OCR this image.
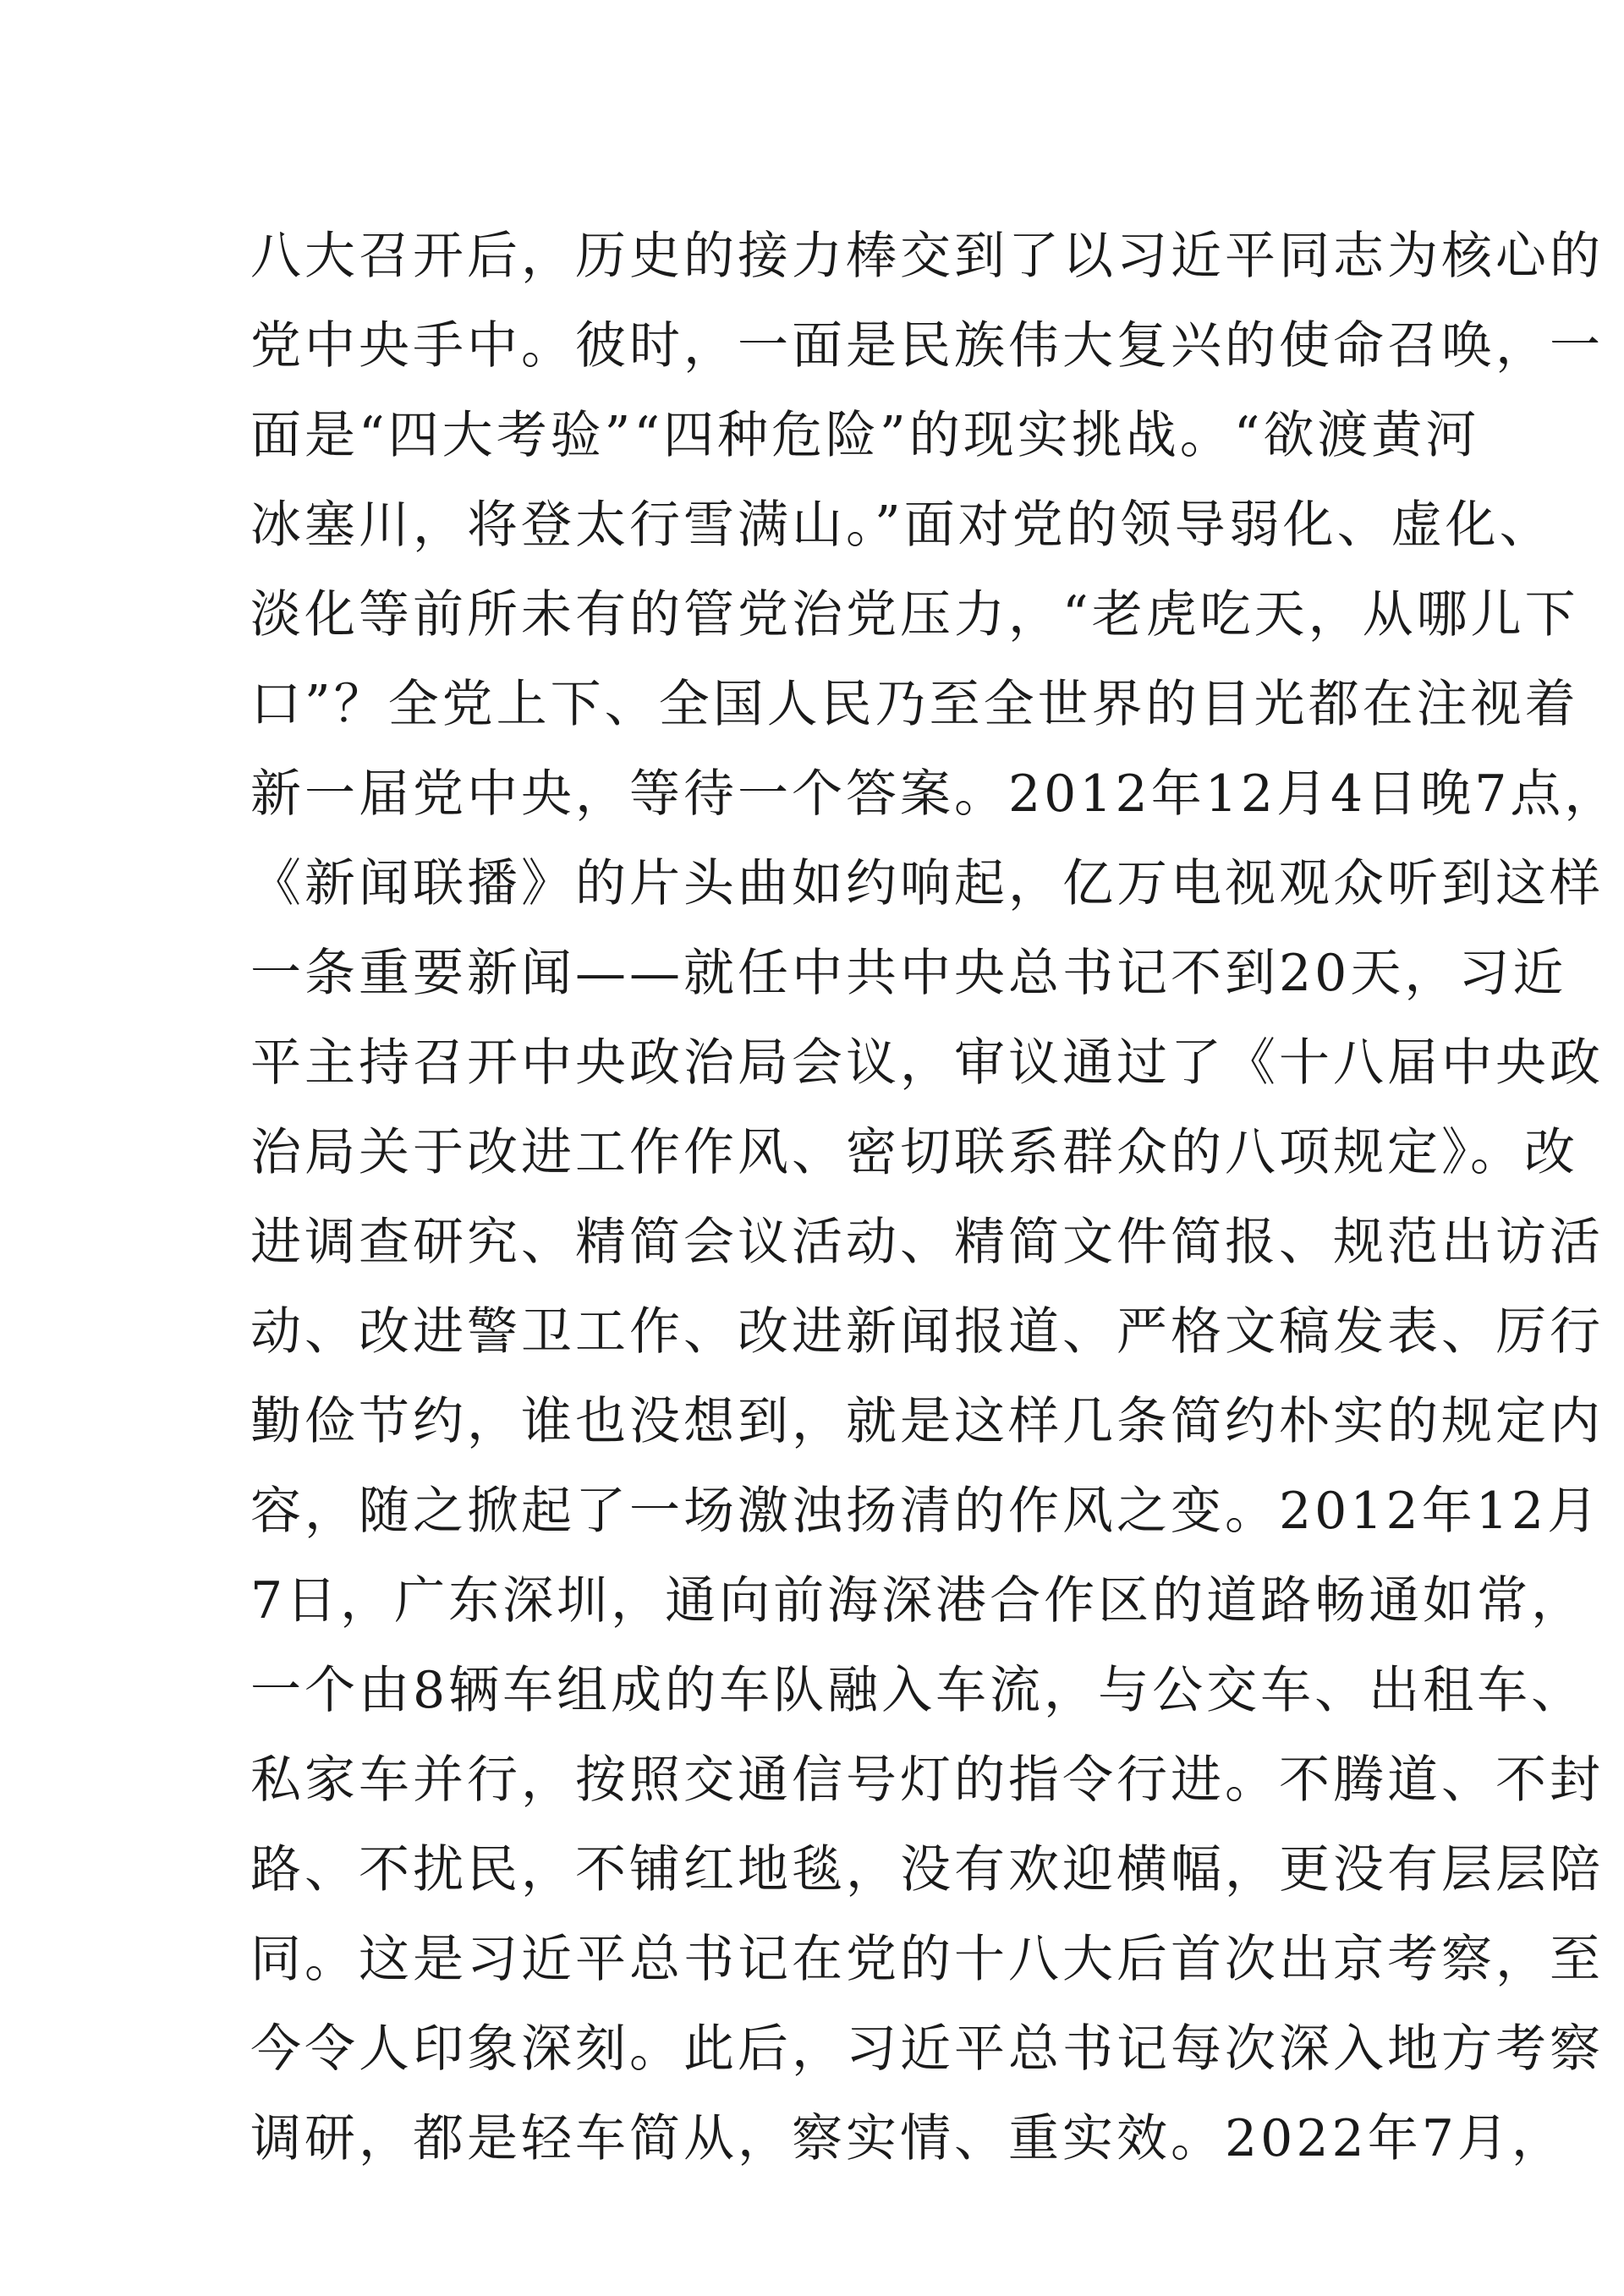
八大召开后，历史的接力棒交到了以习近平同志为核心的
党中央手中。彼时，一面是民族伟大复兴的使命召唤，一
面是“四大考验”“四种危险”的现实挑战。“欲渡黄河
冰塞川，将登太行雪满山。”面对党的领导弱化、虚化、
淡化等前所未有的管党治党压力，“老虎吃天，从哪儿下
口”？全党上下、全国人民乃至全世界的目光都在注视着
新一届党中央，等待一个答案。2012年12月4日晚7点，
《新闻联播》的片头曲如约响起，亿万电视观众听到这样
一条重要新闻——就任中共中央总书记不到20天，习近
平主持召开中央政治局会议，审议通过了《十八届中央政
治局关于改进工作作风、密切联系群众的八项规定》。改
进调查研究、精简会议活动、精简文件简报、规范出访活
动、改进警卫工作、改进新闻报道、严格文稿发表、厉行
勤俭节约，谁也没想到，就是这样几条简约朴实的规定内
容，随之掀起了一场激浊扬清的作风之变。2012年12月
7日，广东深圳，通向前海深港合作区的道路畅通如常，
一个由8辆车组成的车队融入车流，与公交车、出租车、
私家车并行，按照交通信号灯的指令行进。不腾道、不封
路、不扰民，不铺红地毯，没有欢迎横幅，更没有层层陪
同。这是习近平总书记在党的十八大后首次出京考察，至
今令人印象深刻。此后，习近平总书记每次深入地方考察
调研，都是轻车简从，察实情、重实效。2022年7月，
